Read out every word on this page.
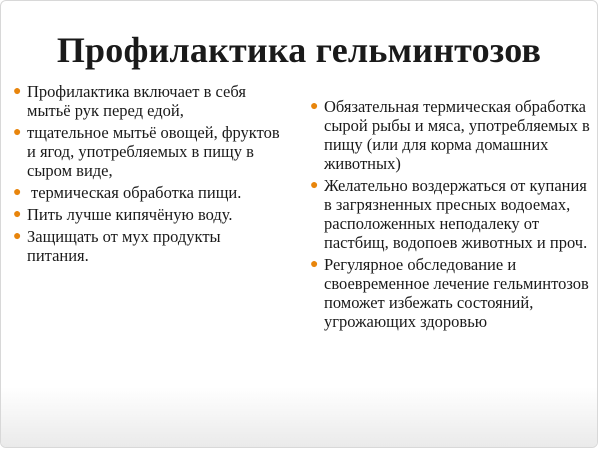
Профилактика гельминтозов
● Профилактика включает в себя мытьё рук перед едой,
● тщательное мытьё овощей, фруктов и ягод, употребляемых в пищу в сыром виде,
● термическая обработка пищи.
● Пить лучше кипячёную воду.
● Защищать от мух продукты питания.
● Обязательная термическая обработка сырой рыбы и мяса, употребляемых в пищу (или для корма домашних животных)
● Желательно воздержаться от купания в загрязненных пресных водоемах, расположенных неподалеку от пастбищ, водопоев животных и проч.
● Регулярное обследование и своевременное лечение гельминтозов поможет избежать состояний, угрожающих здоровью
